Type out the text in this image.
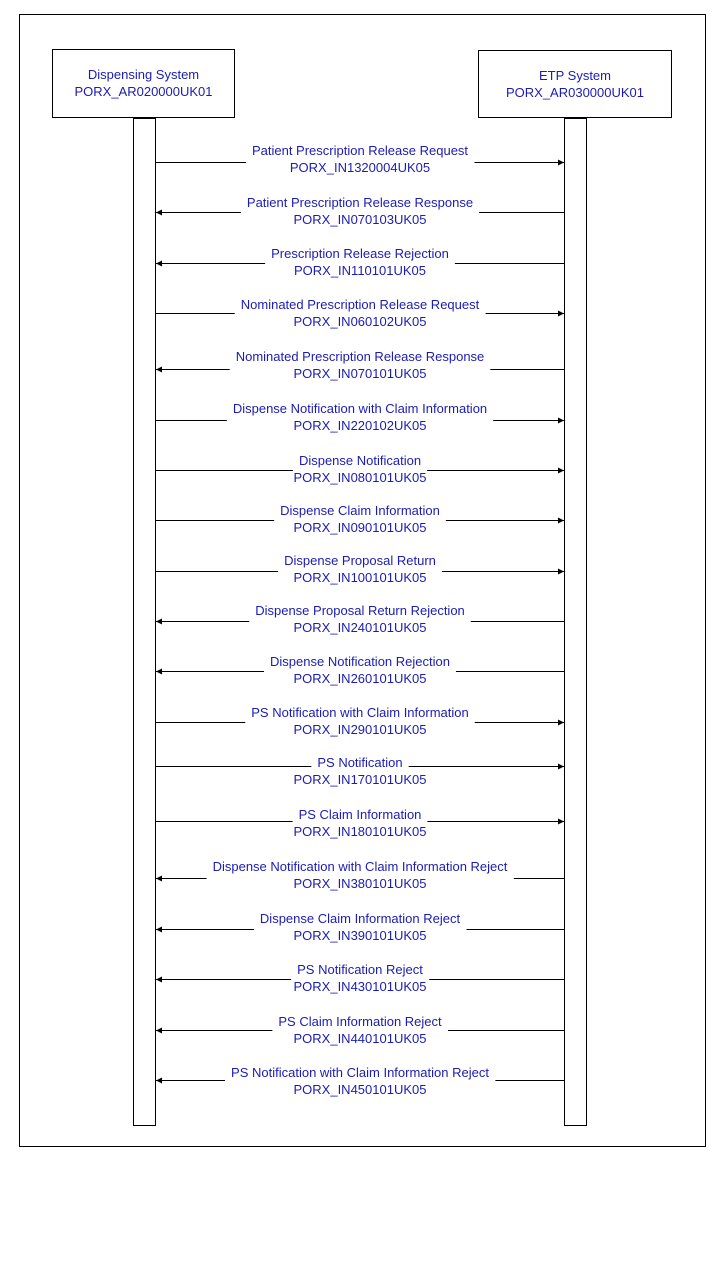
Dispensing System
PORX_AR020000UK01
ETP System
PORX_AR030000UK01
Patient Prescription Release Request
PORX_IN1320004UK05
Patient Prescription Release Response
PORX_IN070103UK05
Prescription Release Rejection
PORX_IN110101UK05
Nominated Prescription Release Request
PORX_IN060102UK05
Nominated Prescription Release Response
PORX_IN070101UK05
Dispense Notification with Claim Information
PORX_IN220102UK05
Dispense Notification
PORX_IN080101UK05
Dispense Claim Information
PORX_IN090101UK05
Dispense Proposal Return
PORX_IN100101UK05
Dispense Proposal Return Rejection
PORX_IN240101UK05
Dispense Notification Rejection
PORX_IN260101UK05
PS Notification with Claim Information
PORX_IN290101UK05
PS Notification
PORX_IN170101UK05
PS Claim Information
PORX_IN180101UK05
Dispense Notification with Claim Information Reject
PORX_IN380101UK05
Dispense Claim Information Reject
PORX_IN390101UK05
PS Notification Reject
PORX_IN430101UK05
PS Claim Information Reject
PORX_IN440101UK05
PS Notification with Claim Information Reject
PORX_IN450101UK05
